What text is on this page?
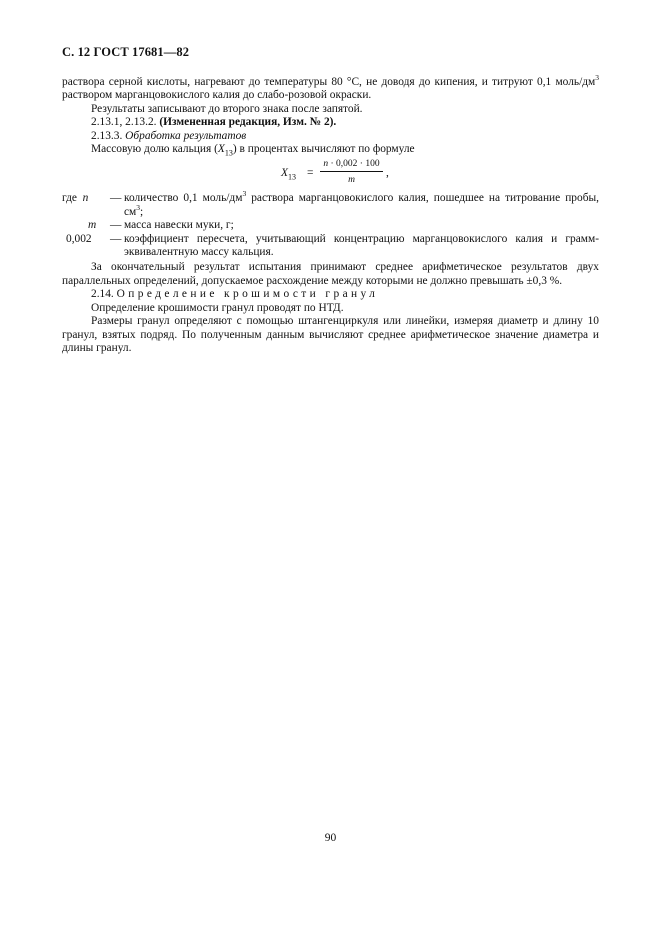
С. 12 ГОСТ 17681—82

раствора серной кислоты, нагревают до температуры 80 °С, не доводя до кипения, и титруют 0,1 моль/$дм^3$ раствором марганцовокислого калия до слабо-розовой окраски.

Результаты записывают до второго знака после запятой.

2.13.1, 2.13.2. (Измененная редакция, Изм. № 2).

2.13.3. Обработка результатов

Массовую долю кальция $(X_{13})$ в процентах вычисляют по формуле

$X_{13} = \frac{n \cdot 0,002 \cdot 100}{m}$ ,
где  n	— количество 0,1 моль/$дм^3$ раствора марганцовокислого калия, пошедшее на титрование пробы, $см^3$;
m	— масса навески муки, г;
0,002	— коэффициент пересчета, учитывающий концентрацию марганцовокислого калия и грамм-эквивалентную массу кальция.

За окончательный результат испытания принимают среднее арифметическое результатов двух параллельных определений, допускаемое расхождение между которыми не должно превышать ±0,3 %.

2.14. Определение крошимости гранул

Определение крошимости гранул проводят по НТД.

Размеры гранул определяют с помощью штангенциркуля или линейки, измеряя диаметр и длину 10 гранул, взятых подряд. По полученным данным вычисляют среднее арифметическое значение диаметра и длины гранул.

90
